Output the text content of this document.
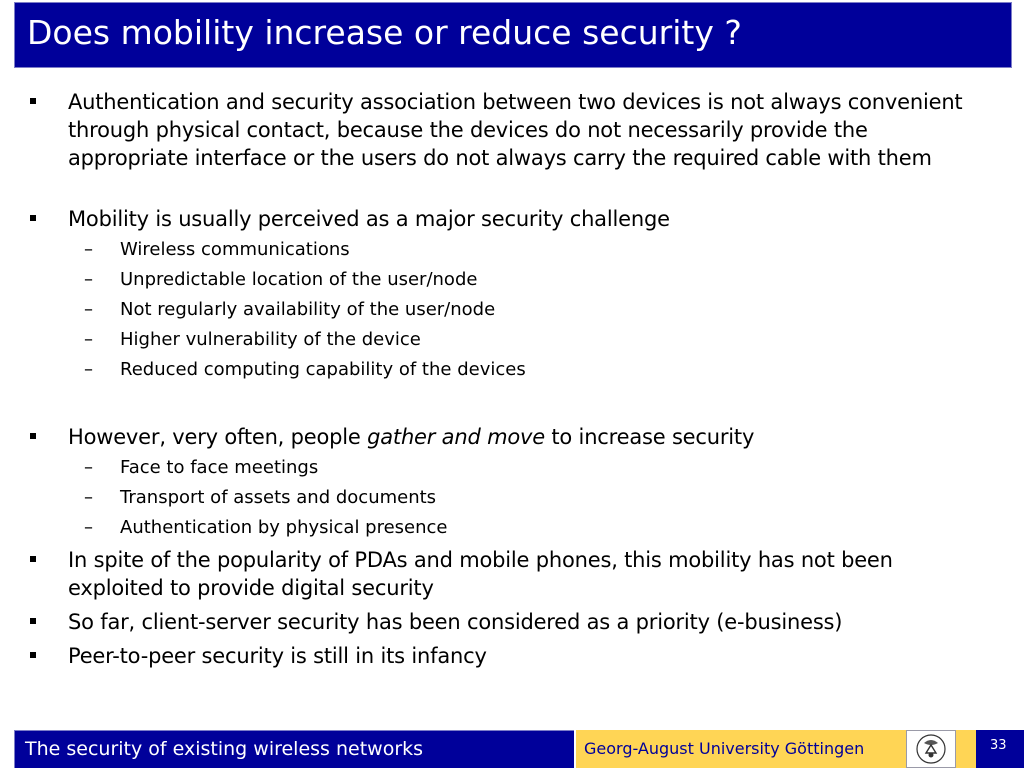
Does mobility increase or reduce security ?
Authentication and security association between two devices is not always convenient through physical contact, because the devices do not necessarily provide the appropriate interface or the users do not always carry the required cable with them
Mobility is usually perceived as a major security challenge
– Wireless communications
– Unpredictable location of the user/node
– Not regularly availability of the user/node
– Higher vulnerability of the device
– Reduced computing capability of the devices
However, very often, people gather and move to increase security
– Face to face meetings
– Transport of assets and documents
– Authentication by physical presence
In spite of the popularity of PDAs and mobile phones, this mobility has not been exploited to provide digital security
So far, client-server security has been considered as a priority (e-business)
Peer-to-peer security is still in its infancy
The security of existing wireless networks	Georg-August University Göttingen	33
